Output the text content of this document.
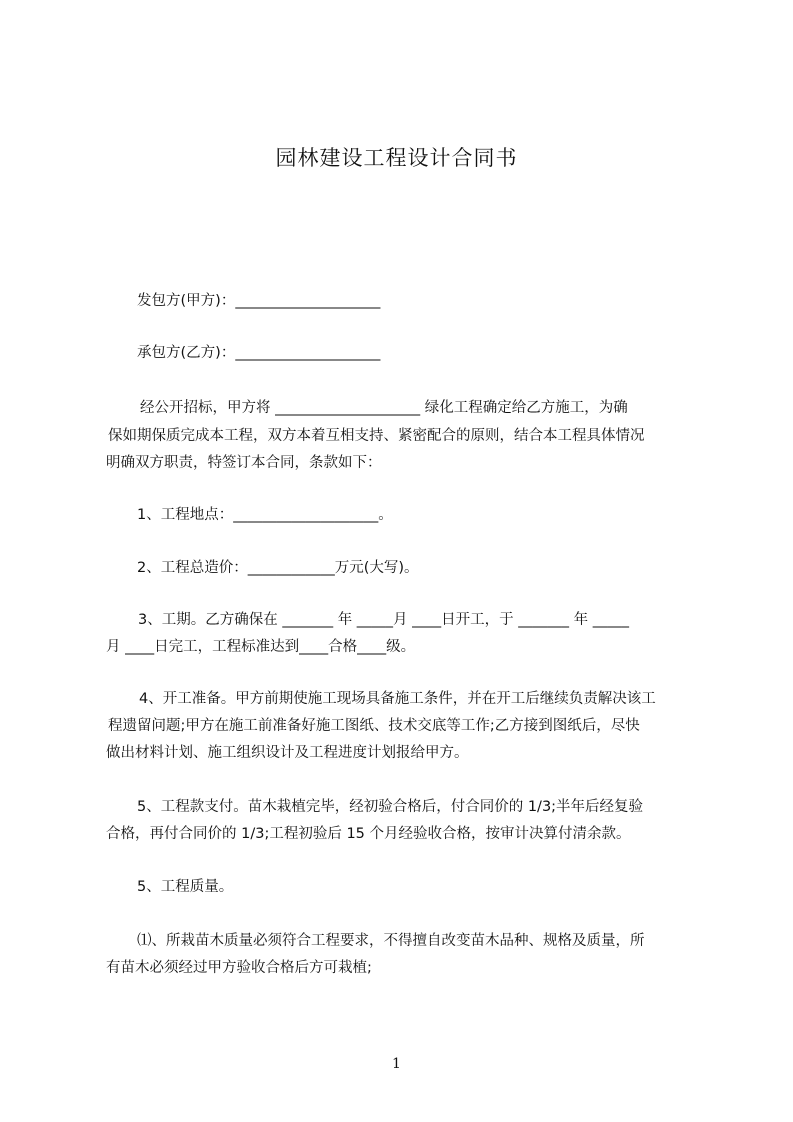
园林建设工程设计合同书
发包方(甲方)：____________________
承包方(乙方)：____________________
经公开招标，甲方将 ____________________ 绿化工程确定给乙方施工，为确
保如期保质完成本工程，双方本着互相支持、紧密配合的原则，结合本工程具体情况
明确双方职责，特签订本合同，条款如下：
1、工程地点：____________________。
2、工程总造价：____________万元(大写)。
3、工期。乙方确保在 _______ 年 _____月 ____日开工，于 _______ 年 _____
月 ____日完工，工程标准达到____合格____级。
4、开工准备。甲方前期使施工现场具备施工条件，并在开工后继续负责解决该工
程遗留问题;甲方在施工前准备好施工图纸、技术交底等工作;乙方接到图纸后，尽快
做出材料计划、施工组织设计及工程进度计划报给甲方。
5、工程款支付。苗木栽植完毕，经初验合格后，付合同价的 1/3;半年后经复验
合格，再付合同价的 1/3;工程初验后 15 个月经验收合格，按审计决算付清余款。
5、工程质量。
⑴、所栽苗木质量必须符合工程要求，不得擅自改变苗木品种、规格及质量，所
有苗木必须经过甲方验收合格后方可栽植;
1
